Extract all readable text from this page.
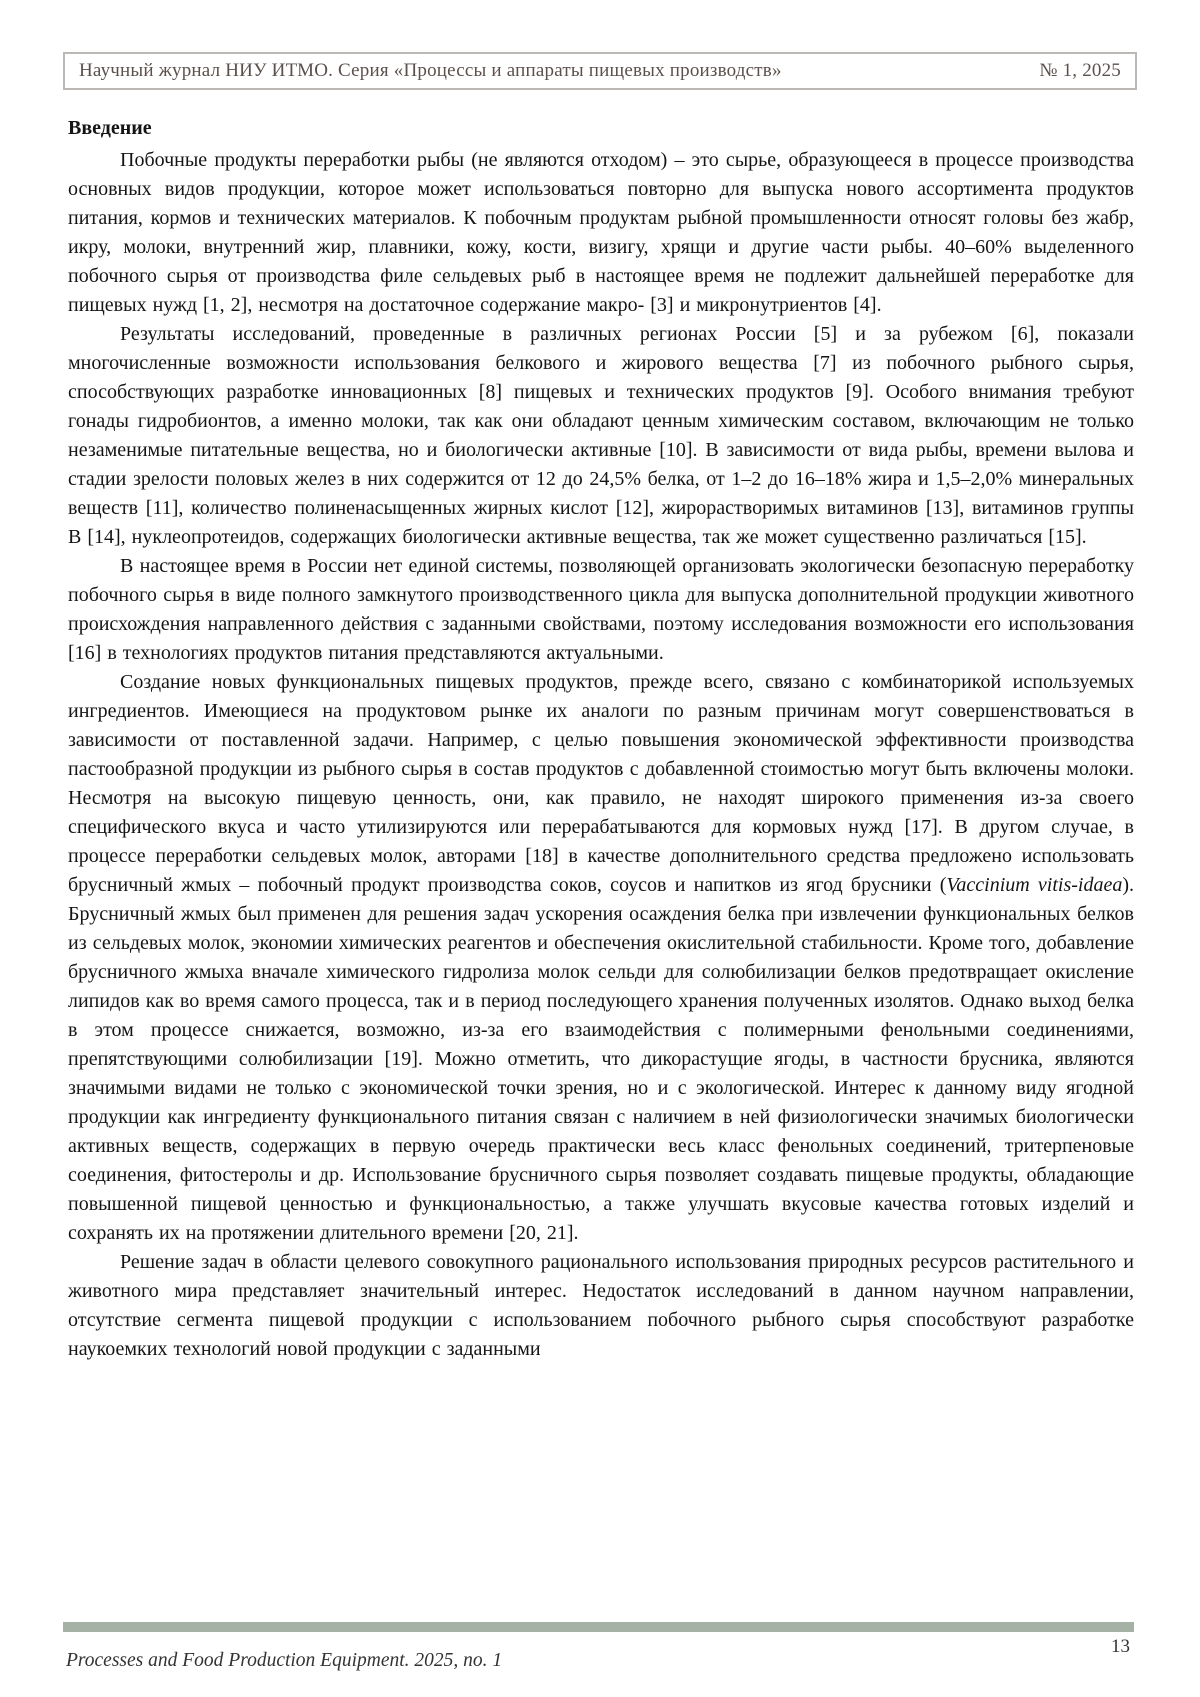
Научный журнал НИУ ИТМО. Серия «Процессы и аппараты пищевых производств»	№ 1, 2025
Введение

Побочные продукты переработки рыбы (не являются отходом) – это сырье, образующееся в процессе производства основных видов продукции, которое может использоваться повторно для выпуска нового ассортимента продуктов питания, кормов и технических материалов. К побочным продуктам рыбной промышленности относят головы без жабр, икру, молоки, внутренний жир, плавники, кожу, кости, визигу, хрящи и другие части рыбы. 40–60% выделенного побочного сырья от производства филе сельдевых рыб в настоящее время не подлежит дальнейшей переработке для пищевых нужд [1, 2], несмотря на достаточное содержание макро- [3] и микронутриентов [4].

Результаты исследований, проведенные в различных регионах России [5] и за рубежом [6], показали многочисленные возможности использования белкового и жирового вещества [7] из побочного рыбного сырья, способствующих разработке инновационных [8] пищевых и технических продуктов [9]. Особого внимания требуют гонады гидробионтов, а именно молоки, так как они обладают ценным химическим составом, включающим не только незаменимые питательные вещества, но и биологически активные [10]. В зависимости от вида рыбы, времени вылова и стадии зрелости половых желез в них содержится от 12 до 24,5% белка, от 1–2 до 16–18% жира и 1,5–2,0% минеральных веществ [11], количество полиненасыщенных жирных кислот [12], жирорастворимых витаминов [13], витаминов группы В [14], нуклеопротеидов, содержащих биологически активные вещества, так же может существенно различаться [15].

В настоящее время в России нет единой системы, позволяющей организовать экологически безопасную переработку побочного сырья в виде полного замкнутого производственного цикла для выпуска дополнительной продукции животного происхождения направленного действия с заданными свойствами, поэтому исследования возможности его использования [16] в технологиях продуктов питания представляются актуальными.

Создание новых функциональных пищевых продуктов, прежде всего, связано с комбинаторикой используемых ингредиентов. Имеющиеся на продуктовом рынке их аналоги по разным причинам могут совершенствоваться в зависимости от поставленной задачи. Например, с целью повышения экономической эффективности производства пастообразной продукции из рыбного сырья в состав продуктов с добавленной стоимостью могут быть включены молоки. Несмотря на высокую пищевую ценность, они, как правило, не находят широкого применения из-за своего специфического вкуса и часто утилизируются или перерабатываются для кормовых нужд [17]. В другом случае, в процессе переработки сельдевых молок, авторами [18] в качестве дополнительного средства предложено использовать брусничный жмых – побочный продукт производства соков, соусов и напитков из ягод брусники (Vaccinium vitis-idaea). Брусничный жмых был применен для решения задач ускорения осаждения белка при извлечении функциональных белков из сельдевых молок, экономии химических реагентов и обеспечения окислительной стабильности. Кроме того, добавление брусничного жмыха вначале химического гидролиза молок сельди для солюбилизации белков предотвращает окисление липидов как во время самого процесса, так и в период последующего хранения полученных изолятов. Однако выход белка в этом процессе снижается, возможно, из-за его взаимодействия с полимерными фенольными соединениями, препятствующими солюбилизации [19]. Можно отметить, что дикорастущие ягоды, в частности брусника, являются значимыми видами не только с экономической точки зрения, но и с экологической. Интерес к данному виду ягодной продукции как ингредиенту функционального питания связан с наличием в ней физиологически значимых биологически активных веществ, содержащих в первую очередь практически весь класс фенольных соединений, тритерпеновые соединения, фитостеролы и др. Использование брусничного сырья позволяет создавать пищевые продукты, обладающие повышенной пищевой ценностью и функциональностью, а также улучшать вкусовые качества готовых изделий и сохранять их на протяжении длительного времени [20, 21].

Решение задач в области целевого совокупного рационального использования природных ресурсов растительного и животного мира представляет значительный интерес. Недостаток исследований в данном научном направлении, отсутствие сегмента пищевой продукции с использованием побочного рыбного сырья способствуют разработке наукоемких технологий новой продукции с заданными

13
Processes and Food Production Equipment. 2025, no. 1
